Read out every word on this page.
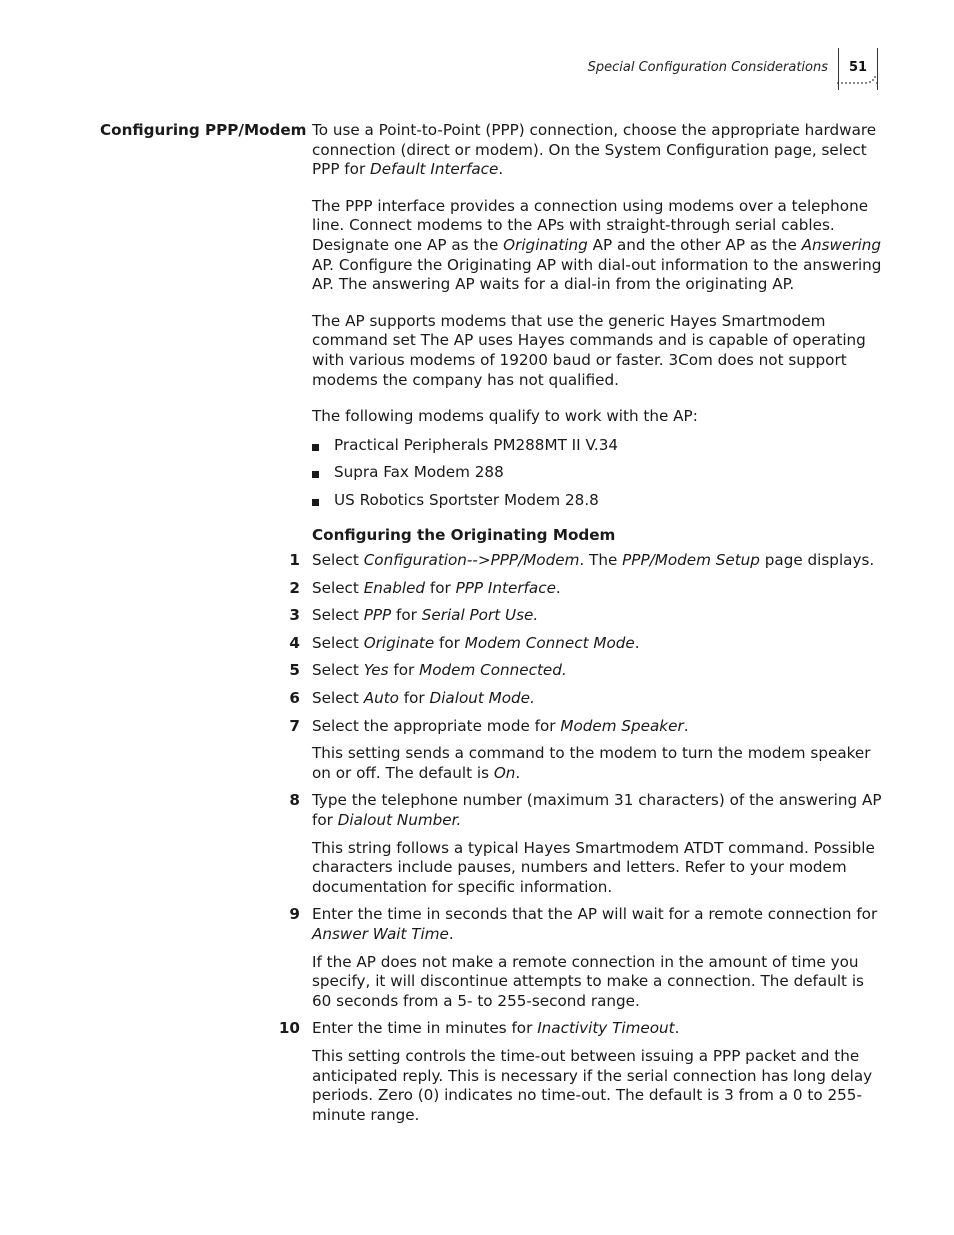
Special Configuration Considerations	51
Configuring PPP/Modem To use a Point-to-Point (PPP) connection, choose the appropriate hardware connection (direct or modem). On the System Configuration page, select PPP for Default Interface.

The PPP interface provides a connection using modems over a telephone line. Connect modems to the APs with straight-through serial cables. Designate one AP as the Originating AP and the other AP as the Answering AP. Configure the Originating AP with dial-out information to the answering AP. The answering AP waits for a dial-in from the originating AP.

The AP supports modems that use the generic Hayes Smartmodem command set The AP uses Hayes commands and is capable of operating with various modems of 19200 baud or faster. 3Com does not support modems the company has not qualified.

The following modems qualify to work with the AP:

Practical Peripherals PM288MT II V.34
Supra Fax Modem 288
US Robotics Sportster Modem 28.8
Configuring the Originating Modem
1 Select Configuration-->PPP/Modem. The PPP/Modem Setup page displays.
2 Select Enabled for PPP Interface.
3 Select PPP for Serial Port Use.
4 Select Originate for Modem Connect Mode.
5 Select Yes for Modem Connected.
6 Select Auto for Dialout Mode.
7 Select the appropriate mode for Modem Speaker.
This setting sends a command to the modem to turn the modem speaker on or off. The default is On.
8 Type the telephone number (maximum 31 characters) of the answering AP for Dialout Number.
This string follows a typical Hayes Smartmodem ATDT command. Possible characters include pauses, numbers and letters. Refer to your modem documentation for specific information.
9 Enter the time in seconds that the AP will wait for a remote connection for Answer Wait Time.
If the AP does not make a remote connection in the amount of time you specify, it will discontinue attempts to make a connection. The default is 60 seconds from a 5- to 255-second range.
10 Enter the time in minutes for Inactivity Timeout.
This setting controls the time-out between issuing a PPP packet and the anticipated reply. This is necessary if the serial connection has long delay periods. Zero (0) indicates no time-out. The default is 3 from a 0 to 255-minute range.
